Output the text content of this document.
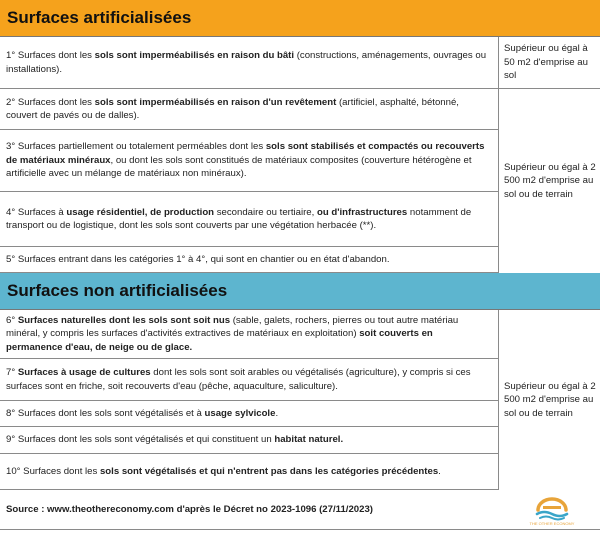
Surfaces artificialisées

1° Surfaces dont les sols sont imperméabilisés en raison du bâti (constructions, aménagements, ouvrages ou installations).

2° Surfaces dont les sols sont imperméabilisés en raison d'un revêtement (artificiel, asphalté, bétonné, couvert de pavés ou de dalles).

3° Surfaces partiellement ou totalement perméables dont les sols sont stabilisés et compactés ou recouverts de matériaux minéraux, ou dont les sols sont constitués de matériaux composites (couverture hétérogène et artificielle avec un mélange de matériaux non minéraux).

4° Surfaces à usage résidentiel, de production secondaire ou tertiaire, ou d'infrastructures notamment de transport ou de logistique, dont les sols sont couverts par une végétation herbacée (**).

5° Surfaces entrant dans les catégories 1° à 4°, qui sont en chantier ou en état d'abandon.

Supérieur ou égal à 50 m2 d'emprise au sol
Supérieur ou égal à 2 500 m2 d'emprise au sol ou de terrain
Surfaces non artificialisées

6° Surfaces naturelles dont les sols sont soit nus (sable, galets, rochers, pierres ou tout autre matériau minéral, y compris les surfaces d'activités extractives de matériaux en exploitation) soit couverts en permanence d'eau, de neige ou de glace.

7° Surfaces à usage de cultures dont les sols sont soit arables ou végétalisés (agriculture), y compris si ces surfaces sont en friche, soit recouverts d'eau (pêche, aquaculture, saliculture).

8° Surfaces dont les sols sont végétalisés et à usage sylvicole.

9° Surfaces dont les sols sont végétalisés et qui constituent un habitat naturel.

10° Surfaces dont les sols sont végétalisés et qui n'entrent pas dans les catégories précédentes.

Supérieur ou égal à 2 500 m2 d'emprise au sol ou de terrain
Source : www.theothereconomy.com d'après le Décret no 2023-1096 (27/11/2023)
THE OTHER ECONOMY
